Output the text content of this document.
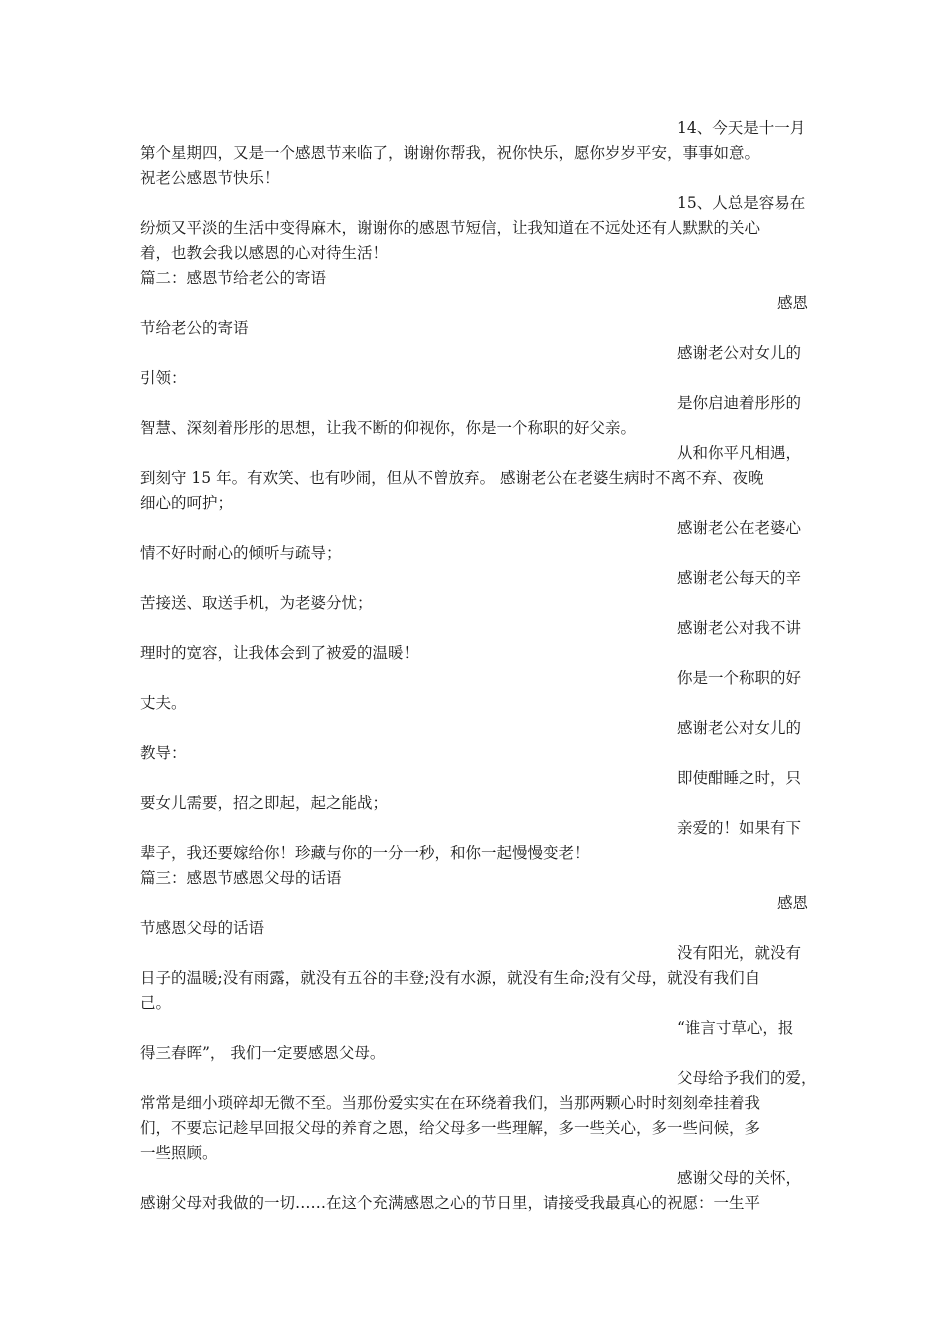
14、今天是十一月
第个星期四，又是一个感恩节来临了，谢谢你帮我，祝你快乐，愿你岁岁平安，事事如意。
祝老公感恩节快乐！
15、人总是容易在
纷烦又平淡的生活中变得麻木，谢谢你的感恩节短信，让我知道在不远处还有人默默的关心
着，也教会我以感恩的心对待生活！
篇二：感恩节给老公的寄语
感恩
节给老公的寄语
感谢老公对女儿的
引领：
是你启迪着彤彤的
智慧、深刻着彤彤的思想，让我不断的仰视你，你是一个称职的好父亲。
从和你平凡相遇，
到刻守 15 年。有欢笑、也有吵闹，但从不曾放弃。 感谢老公在老婆生病时不离不弃、夜晚
细心的呵护；
感谢老公在老婆心
情不好时耐心的倾听与疏导；
感谢老公每天的辛
苦接送、取送手机，为老婆分忧；
感谢老公对我不讲
理时的宽容，让我体会到了被爱的温暖！
你是一个称职的好
丈夫。
感谢老公对女儿的
教导：
即使酣睡之时，只
要女儿需要，招之即起，起之能战；
亲爱的！如果有下
辈子，我还要嫁给你！珍藏与你的一分一秒，和你一起慢慢变老！
篇三：感恩节感恩父母的话语
感恩
节感恩父母的话语
没有阳光，就没有
日子的温暖;没有雨露，就没有五谷的丰登;没有水源，就没有生命;没有父母，就没有我们自
己。
“谁言寸草心，报
得三春晖”， 我们一定要感恩父母。
父母给予我们的爱，
常常是细小琐碎却无微不至。当那份爱实实在在环绕着我们，当那两颗心时时刻刻牵挂着我
们，不要忘记趁早回报父母的养育之恩，给父母多一些理解，多一些关心，多一些问候，多
一些照顾。
感谢父母的关怀，
感谢父母对我做的一切……在这个充满感恩之心的节日里，请接受我最真心的祝愿：一生平
